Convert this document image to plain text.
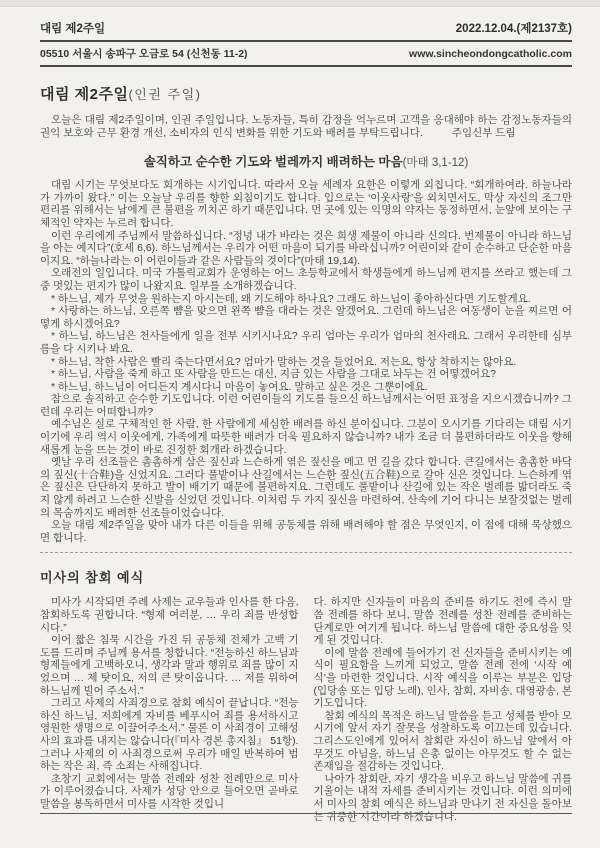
대림 제2주일	2022.12.04.(제2137호)
05510 서울시 송파구 오금로 54 (신천동 11-2)	www.sincheondongcatholic.com
대림 제2주일(인권 주일)

오늘은 대림 제2주일이며, 인권 주일입니다. 노동자들, 특히 감정을 억누르며 고객을 응대해야 하는 감정노동자들의 권익 보호와 근무 환경 개선, 소비자의 인식 변화를 위한 기도와 배려를 부탁드립니다.	주임신부 드림

솔직하고 순수한 기도와 벌레까지 배려하는 마음(마태 3,1-12)

대림 시기는 무엇보다도 회개하는 시기입니다. 따라서 오늘 세례자 요한은 이렇게 외칩니다. “회개하여라. 하늘나라가 가까이 왔다.” 이는 오늘날 우리를 향한 외침이기도 합니다. 입으로는 ‘이웃사랑’을 외치면서도, 막상 자신의 조그만 편리를 위해서는 남에게 큰 불편을 끼치곤 하기 때문입니다. 먼 곳에 있는 익명의 약자는 동정하면서, 눈앞에 보이는 구체적인 약자는 누르려 합니다.

이런 우리에게 주님께서 말씀하십니다. “정녕 내가 바라는 것은 희생 제물이 아니라 신의다. 번제물이 아니라 하느님을 아는 예지다”(호세 6,6). 하느님께서는 우리가 어떤 마음이 되기를 바라십니까? 어린이와 같이 순수하고 단순한 마음이지요. “하늘나라는 이 어린이들과 같은 사람들의 것이다”(마태 19,14).

오래전의 일입니다. 미국 가톨릭교회가 운영하는 어느 초등학교에서 학생들에게 하느님께 편지를 쓰라고 했는데 그중 멋있는 편지가 많이 나왔지요. 일부를 소개하겠습니다.

* 하느님, 제가 무엇을 원하는지 아시는데, 왜 기도해야 하나요? 그래도 하느님이 좋아하신다면 기도할게요.

* 사랑하는 하느님, 오른쪽 뺨을 맞으면 왼쪽 뺨을 대라는 것은 알겠어요. 그런데 하느님은 여동생이 눈을 찌르면 어떻게 하시겠어요?

* 하느님, 하느님은 천사들에게 일을 전부 시키시나요? 우리 엄마는 우리가 엄마의 천사래요. 그래서 우리한테 심부름을 다 시키나 봐요.

* 하느님, 착한 사람은 빨리 죽는다면서요? 엄마가 말하는 것을 들었어요. 저는요, 항상 착하지는 않아요.

* 하느님, 사람을 죽게 하고 또 사람을 만드는 대신, 지금 있는 사람을 그대로 놔두는 건 어떻겠어요?

* 하느님, 하느님이 어디든지 계시다니 마음이 놓여요. 말하고 싶은 것은 그뿐이에요.

참으로 솔직하고 순수한 기도입니다. 이런 어린이들의 기도를 들으신 하느님께서는 어떤 표정을 지으시겠습니까? 그런데 우리는 어떠합니까?

예수님은 실로 구체적인 한 사람, 한 사람에게 세심한 배려를 하신 분이십니다. 그분이 오시기를 기다리는 대림 시기이기에 우리 역시 이웃에게, 가족에게 따뜻한 배려가 더욱 필요하지 않습니까? 내가 조금 더 불편하더라도 이웃을 향해 새롭게 눈을 뜨는 것이 바로 진정한 회개라 하겠습니다.

옛날 우리 선조들은 촘촘하게 삼은 짚신과 느슨하게 엮은 짚신을 메고 먼 길을 갔다 합니다. 큰길에서는 촘촘한 바닥의 짚신(十合鞋)을 신었지요. 그러다 풀밭이나 산길에서는 느슨한 짚신(五合鞋)으로 갈아 신은 것입니다. 느슨하게 엮은 짚신은 단단하지 못하고 발이 배기기 때문에 불편하지요. 그런데도 풀밭이나 산길에 있는 작은 벌레를 밟더라도 죽지 않게 하려고 느슨한 신발을 신었던 것입니다. 이처럼 두 가지 짚신을 마련하여, 산속에 기어 다니는 보잘것없는 벌레의 목숨까지도 배려한 선조들이었습니다.

오늘 대림 제2주일을 맞아 내가 다른 이들을 위해 공동체를 위해 배려해야 할 점은 무엇인지, 이 점에 대해 묵상했으면 합니다.

미사의 참회 예식

미사가 시작되면 주례 사제는 교우들과 인사를 한 다음, 참회하도록 권합니다. “형제 여러분, … 우리 죄를 반성합시다.”

이어 짧은 침묵 시간을 가진 뒤 공동체 전체가 고백 기도를 드리며 주님께 용서를 청합니다. “전능하신 하느님과 형제들에게 고백하오니, 생각과 말과 행위로 죄를 많이 지었으며 … 제 탓이요, 저의 큰 탓이옵니다. … 저를 위하여 하느님께 빌어 주소서.”

그리고 사제의 사죄경으로 참회 예식이 끝납니다. “전능하신 하느님, 저희에게 자비를 베푸시어 죄를 용서하시고 영원한 생명으로 이끌어주소서.” 물론 이 사죄경이 고해성사의 효과를 내지는 않습니다(『미사 경본 총지침』 51항). 그러나 사제의 이 사죄경으로써 우리가 매일 반복하여 범하는 작은 죄, 즉 소죄는 사해집니다.

초창기 교회에서는 말씀 전례와 성찬 전례만으로 미사가 이루어졌습니다. 사제가 성당 안으로 들어오면 곧바로 말씀을 봉독하면서 미사를 시작한 것입니

다. 하지만 신자들이 마음의 준비를 하기도 전에 즉시 말씀 전례를 하다 보니, 말씀 전례를 성찬 전례를 준비하는 단계로만 여기게 됩니다. 하느님 말씀에 대한 중요성을 잊게 된 것입니다.

이에 말씀 전례에 들어가기 전 신자들을 준비시키는 예식이 필요함을 느끼게 되었고, 말씀 전례 전에 ‘시작 예식’을 마련한 것입니다. 시작 예식을 이루는 부분은 입당(입당송 또는 입당 노래), 인사, 참회, 자비송, 대영광송, 본기도입니다.

참회 예식의 목적은 하느님 말씀을 듣고 성체를 받아 모시기에 앞서 자기 잘못을 성찰하도록 이끄는데 있습니다. 그리스도인에게 있어서 참회란 자신이 하느님 앞에서 아무것도 아님을, 하느님 은총 없이는 아무것도 할 수 없는 존재임을 절감하는 것입니다.

나아가 참회란, 자기 생각을 비우고 하느님 말씀에 귀를 기울이는 내적 자세를 준비시키는 것입니다. 이런 의미에서 미사의 참회 예식은 하느님과 만나기 전 자신을 돌아보는 귀중한 시간이라 하겠습니다.
